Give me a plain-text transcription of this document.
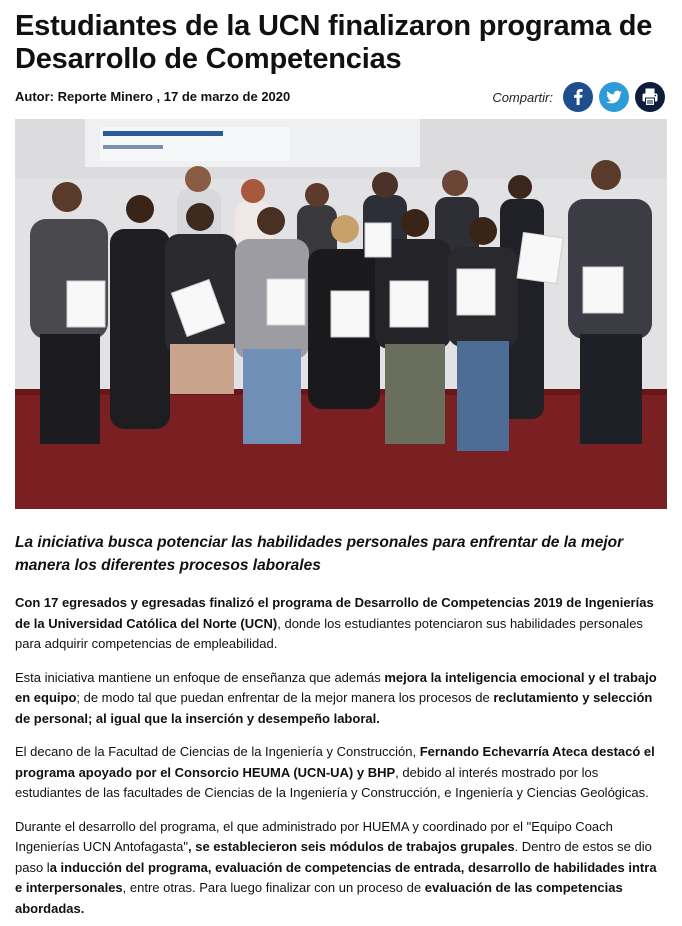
Estudiantes de la UCN finalizaron programa de Desarrollo de Competencias
Autor: Reporte Minero , 17 de marzo de 2020	Compartir:

La iniciativa busca potenciar las habilidades personales para enfrentar de la mejor manera los diferentes procesos laborales

Con 17 egresados y egresadas finalizó el programa de Desarrollo de Competencias 2019 de Ingenierías de la Universidad Católica del Norte (UCN), donde los estudiantes potenciaron sus habilidades personales para adquirir competencias de empleabilidad.

Esta iniciativa mantiene un enfoque de enseñanza que además mejora la inteligencia emocional y el trabajo en equipo; de modo tal que puedan enfrentar de la mejor manera los procesos de reclutamiento y selección de personal; al igual que la inserción y desempeño laboral.

El decano de la Facultad de Ciencias de la Ingeniería y Construcción, Fernando Echevarría Ateca destacó el programa apoyado por el Consorcio HEUMA (UCN-UA) y BHP, debido al interés mostrado por los estudiantes de las facultades de Ciencias de la Ingeniería y Construcción, e Ingeniería y Ciencias Geológicas.

Durante el desarrollo del programa, el que administrado por HUEMA y coordinado por el "Equipo Coach Ingenierías UCN Antofagasta", se establecieron seis módulos de trabajos grupales. Dentro de estos se dio paso la inducción del programa, evaluación de competencias de entrada, desarrollo de habilidades intra e interpersonales, entre otras. Para luego finalizar con un proceso de evaluación de las competencias abordadas.
